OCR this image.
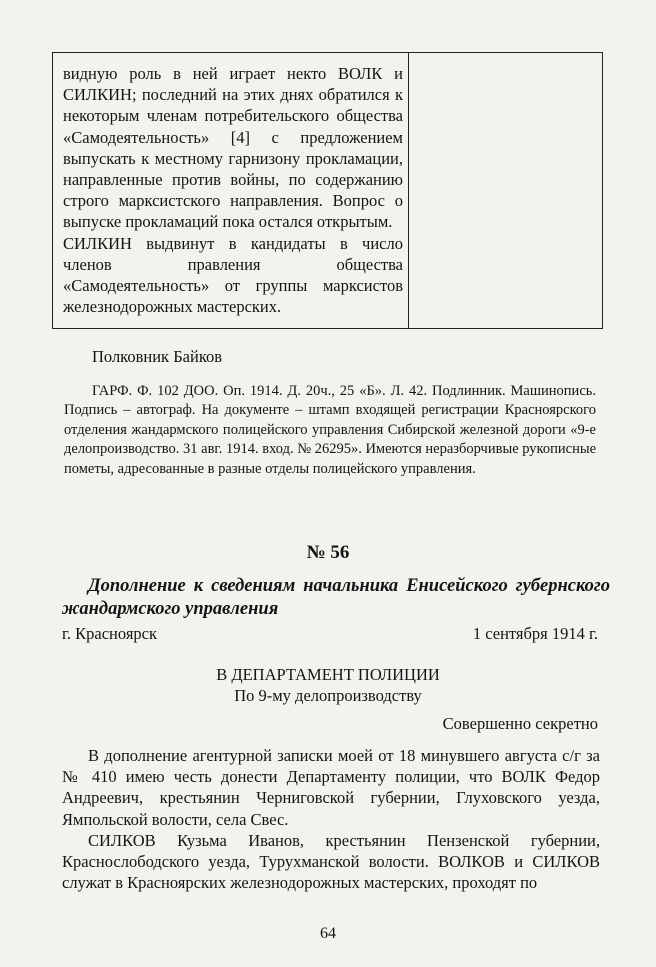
видную роль в ней играет некто ВОЛК и СИЛКИН; последний на этих днях обратился к некоторым членам потребительского общества «Самодеятельность» [4] с предложением выпускать к местному гарнизону прокламации, направленные против войны, по содержанию строго марксистского направления. Вопрос о выпуске прокламаций пока остался открытым.

СИЛКИН выдвинут в кандидаты в число членов правления общества «Самодеятельность» от группы марксистов железнодорожных мастерских.

Полковник Байков
ГАРФ. Ф. 102 ДОО. Оп. 1914. Д. 20ч., 25 «Б». Л. 42. Подлинник. Машинопись. Подпись – автограф. На документе – штамп входящей регистрации Красноярского отделения жандармского полицейского управления Сибирской железной дороги «9-е делопроизводство. 31 авг. 1914. вход. № 26295». Имеются неразборчивые рукописные пометы, адресованные в разные отделы полицейского управления.
№ 56
Дополнение к сведениям начальника Енисейского губернского жандармского управления
г. Красноярск	1 сентября 1914 г.
В ДЕПАРТАМЕНТ ПОЛИЦИИ
По 9-му делопроизводству
Совершенно секретно

В дополнение агентурной записки моей от 18 минувшего августа с/г за № 410 имею честь донести Департаменту полиции, что ВОЛК Федор Андреевич, крестьянин Черниговской губернии, Глуховского уезда, Ямпольской волости, села Свес.

СИЛКОВ Кузьма Иванов, крестьянин Пензенской губернии, Краснослободского уезда, Турухманской волости. ВОЛКОВ и СИЛКОВ служат в Красноярских железнодорожных мастерских, проходят по

64
